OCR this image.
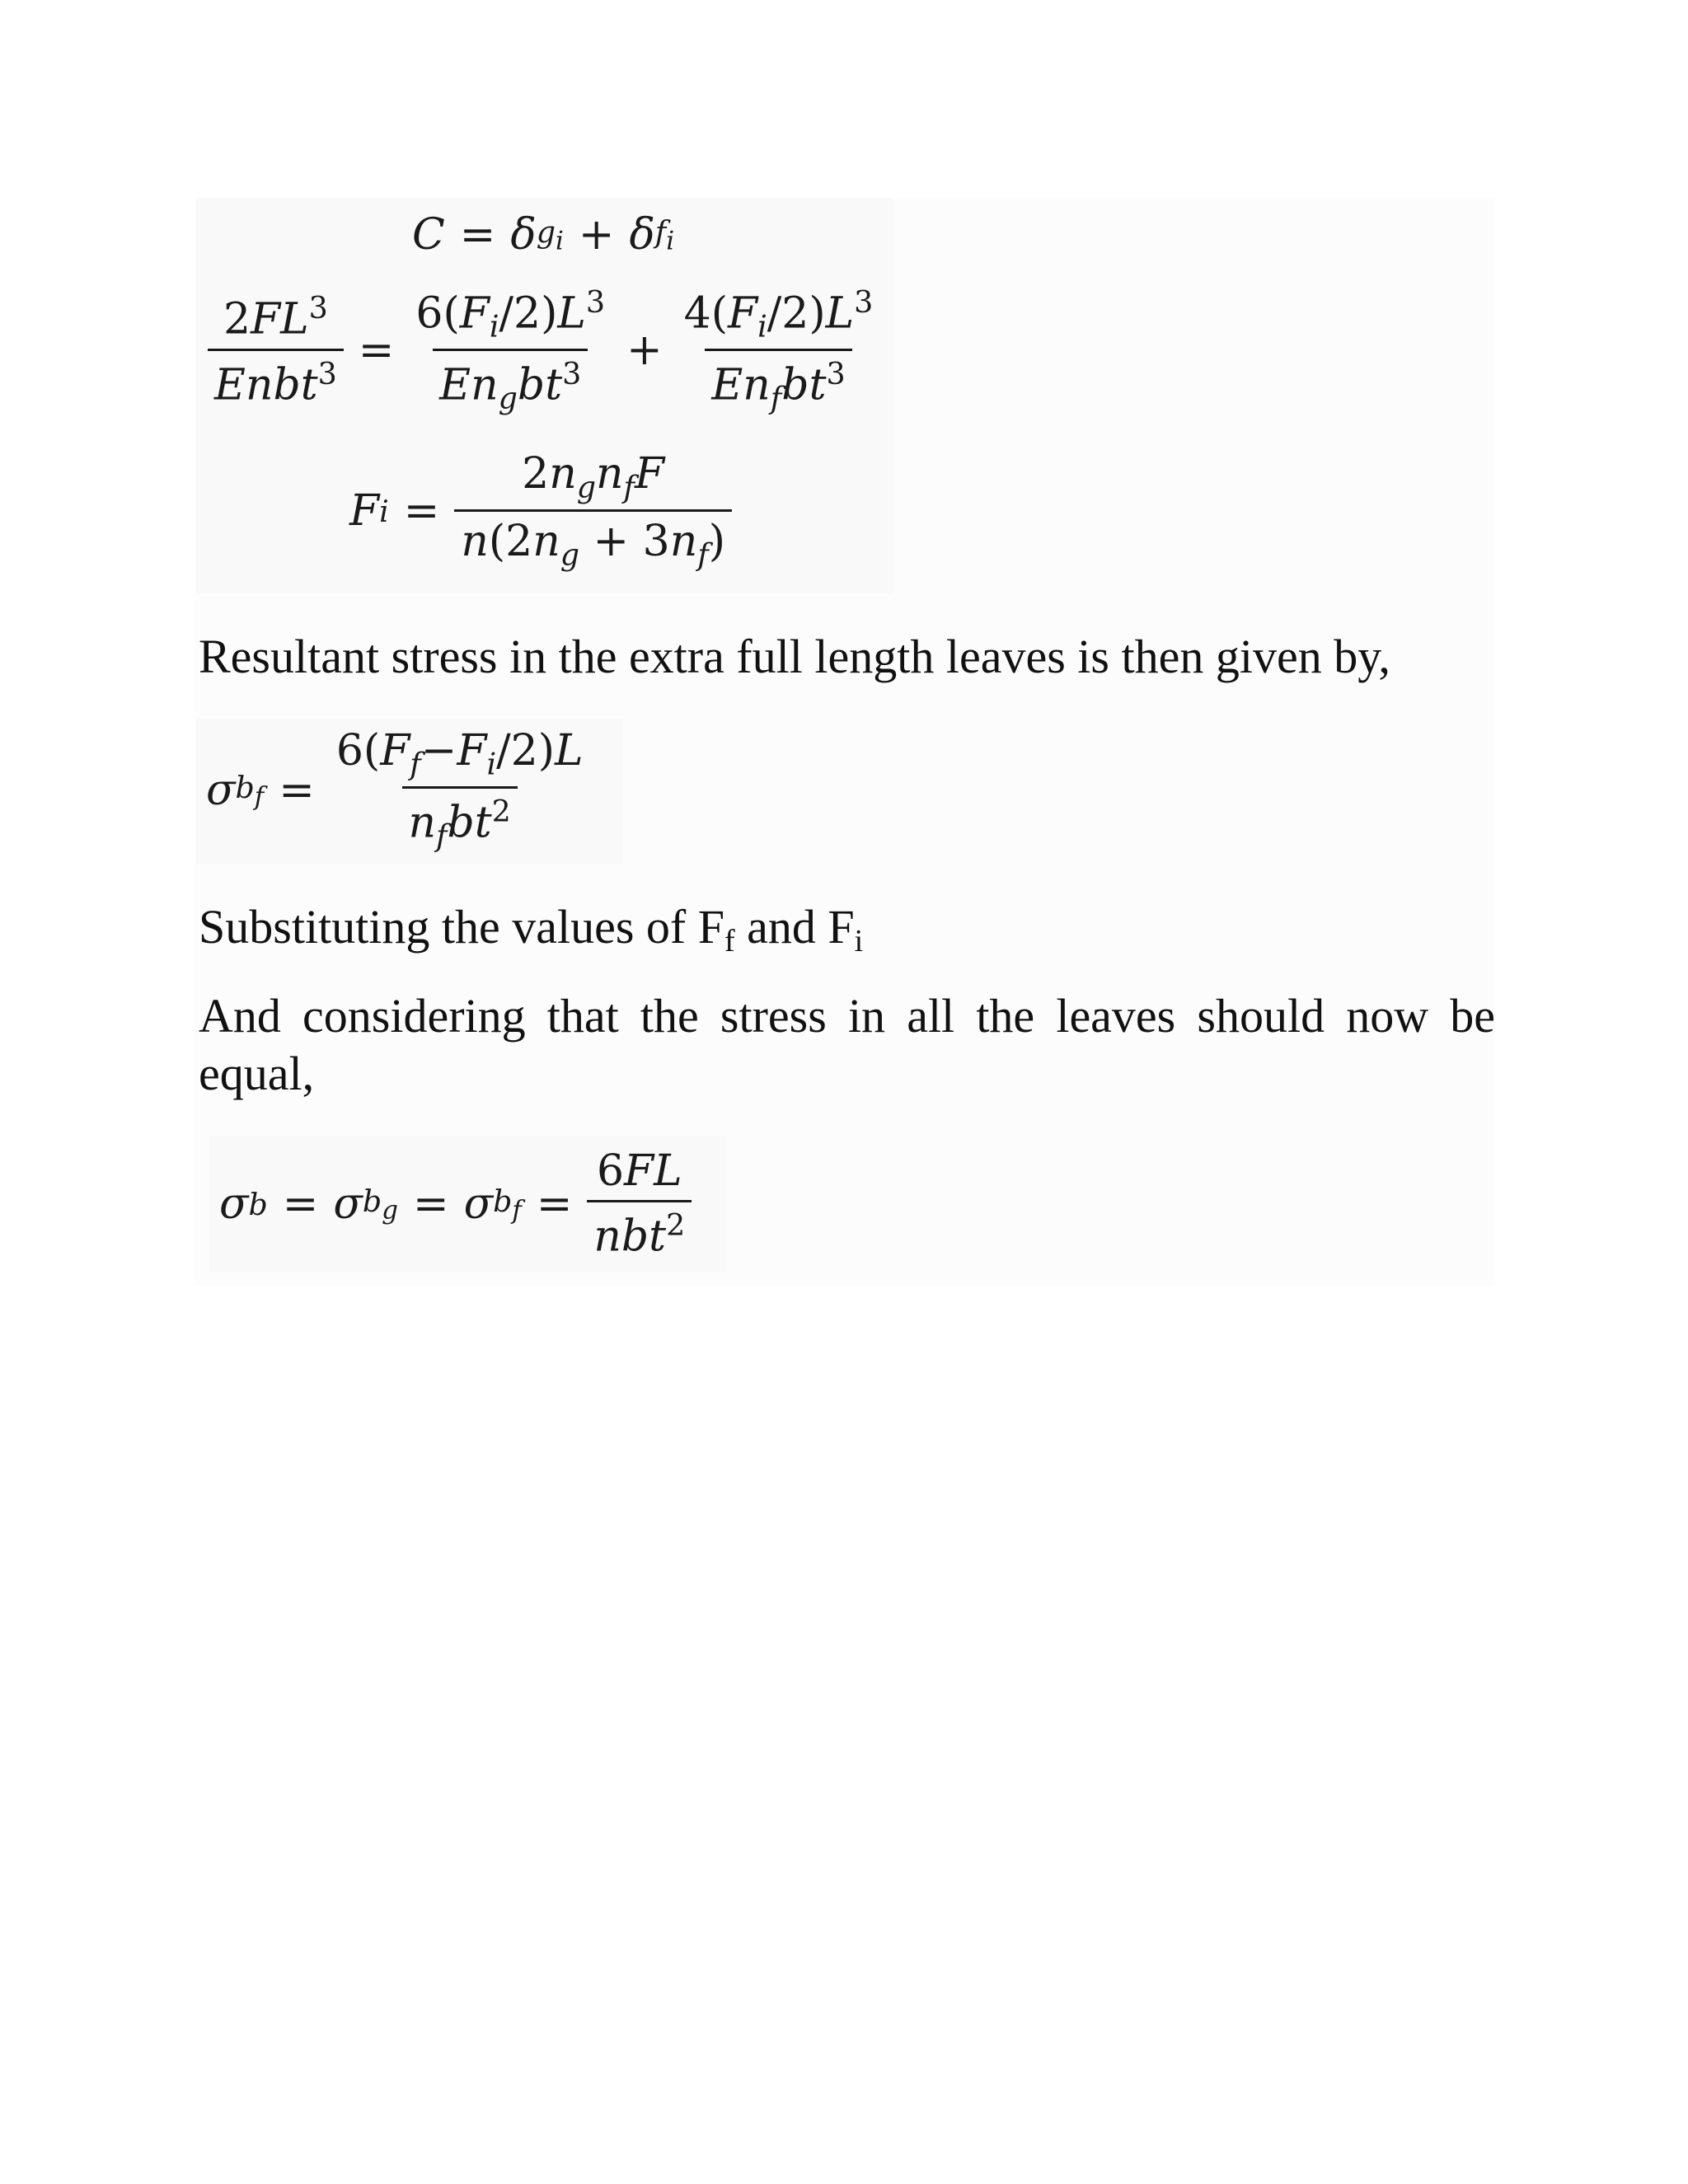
C = δ $g_i + \delta$ $f_i$
$\frac{2FL^3}{Enbt^3} = \frac{6(F_i/2)L^3}{En_gbt^3} + \frac{4(F_i/2)L^3}{En_fbt^3}$
F $i = \frac{2n_gn_fF}{n(2n_g + 3n_f)}$

Resultant stress in the extra full length leaves is then given by,

σ $b_f = \frac{6(F_f-F_i/2)L}{n_fbt^2}$

Substituting the values of Ff and Fi

And considering that the stress in all the leaves should now be equal,

σ b = σ $b_g = \sigma$ $b_f = \frac{6FL}{nbt^2}$
